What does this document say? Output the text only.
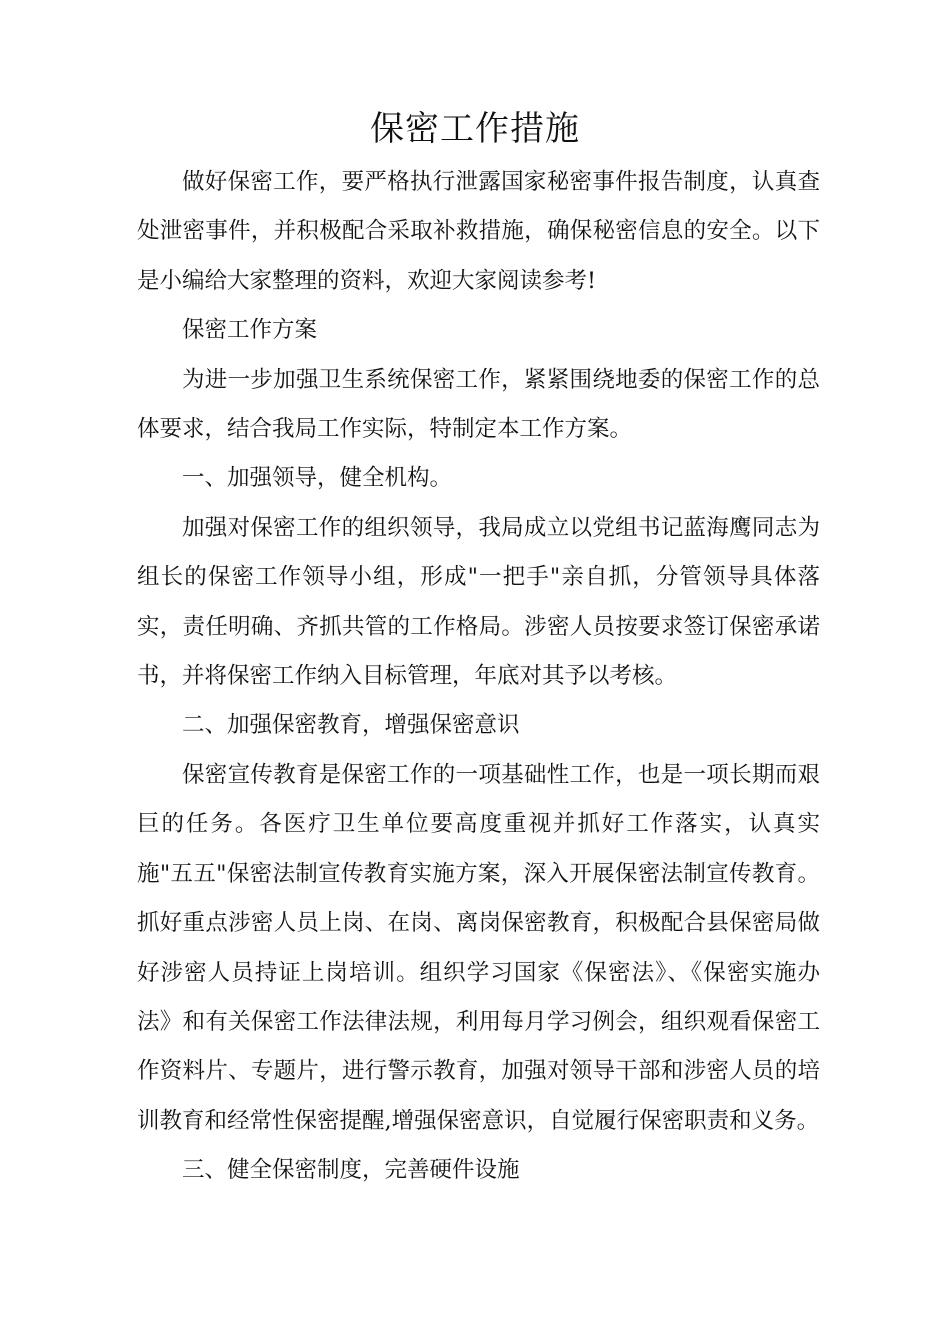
保密工作措施

做好保密工作，要严格执行泄露国家秘密事件报告制度，认真查处泄密事件，并积极配合采取补救措施，确保秘密信息的安全。以下是小编给大家整理的资料，欢迎大家阅读参考!

保密工作方案

为进一步加强卫生系统保密工作，紧紧围绕地委的保密工作的总体要求，结合我局工作实际，特制定本工作方案。

一、加强领导，健全机构。

加强对保密工作的组织领导，我局成立以党组书记蓝海鹰同志为组长的保密工作领导小组，形成"一把手"亲自抓，分管领导具体落实，责任明确、齐抓共管的工作格局。涉密人员按要求签订保密承诺书，并将保密工作纳入目标管理，年底对其予以考核。

二、加强保密教育，增强保密意识

保密宣传教育是保密工作的一项基础性工作，也是一项长期而艰巨的任务。各医疗卫生单位要高度重视并抓好工作落实，认真实施"五五"保密法制宣传教育实施方案，深入开展保密法制宣传教育。抓好重点涉密人员上岗、在岗、离岗保密教育，积极配合县保密局做好涉密人员持证上岗培训。组织学习国家《保密法》、《保密实施办法》和有关保密工作法律法规，利用每月学习例会，组织观看保密工作资料片、专题片，进行警示教育，加强对领导干部和涉密人员的培训教育和经常性保密提醒,增强保密意识，自觉履行保密职责和义务。

三、健全保密制度，完善硬件设施
